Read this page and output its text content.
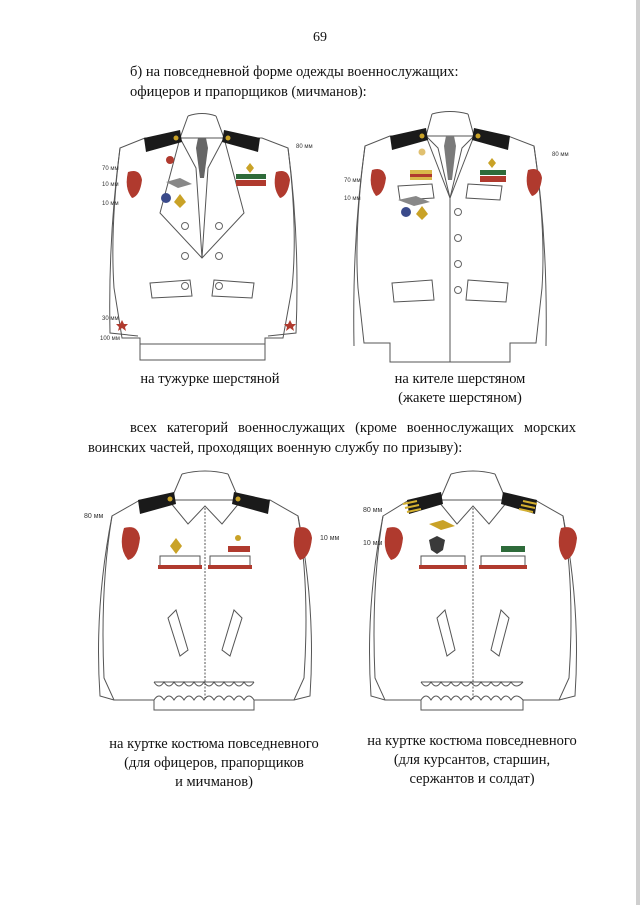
69
б) на повседневной форме одежды военнослужащих:
офицеров и прапорщиков (мичманов):
80 мм
70 мм
10 мм
10 мм
30 мм
100 мм
на тужурке шерстяной
80 мм
70 мм
10 мм
на кителе шерстяном
(жакете шерстяном)
всех категорий военнослужащих (кроме военнослужащих морских
воинских частей, проходящих военную службу по призыву):
80 мм
10 мм
на куртке костюма повседневного
(для офицеров, прапорщиков
и мичманов)
80 мм
10 мм
на куртке костюма повседневного
(для курсантов, старшин,
сержантов и солдат)
